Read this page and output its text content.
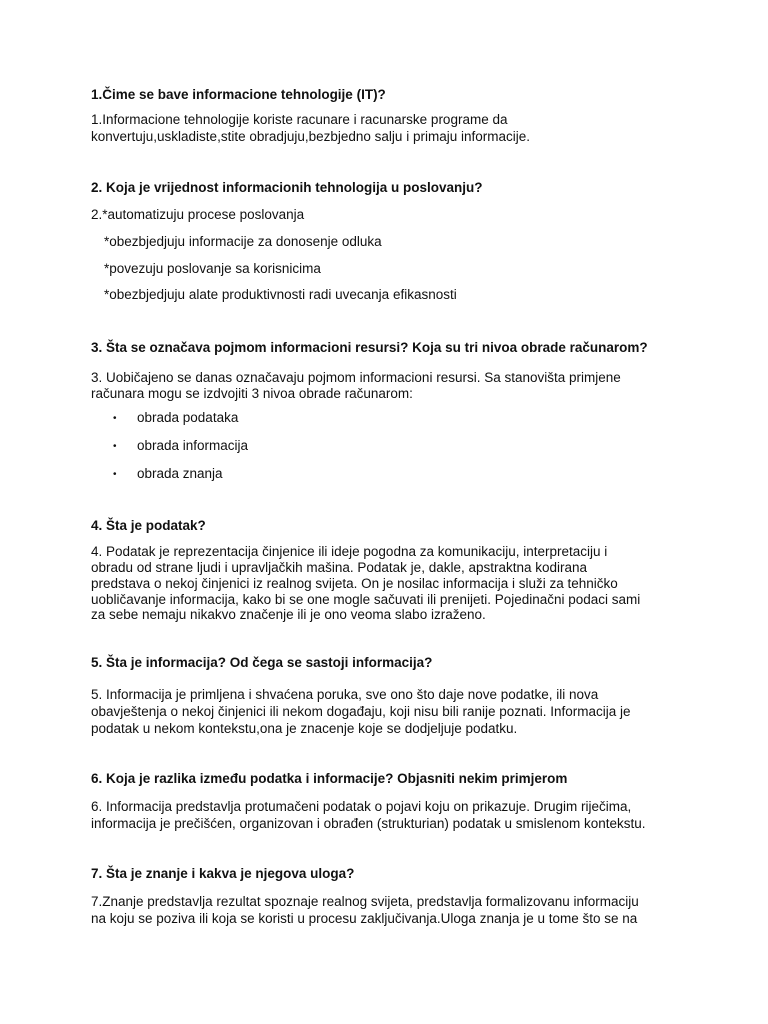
1.Čime se bave informacione tehnologije (IT)?
1.Informacione tehnologije koriste racunare i racunarske programe da
konvertuju,uskladiste,stite obradjuju,bezbjedno salju i primaju informacije.
2. Koja je vrijednost informacionih tehnologija u poslovanju?
2.*automatizuju procese poslovanja
*obezbjedjuju informacije za donosenje odluka
*povezuju poslovanje sa korisnicima
*obezbjedjuju alate produktivnosti radi uvecanja efikasnosti
3. Šta se označava pojmom informacioni resursi? Koja su tri nivoa obrade računarom?
3. Uobičajeno se danas označavaju pojmom informacioni resursi. Sa stanovišta primjene
računara mogu se izdvojiti 3 nivoa obrade računarom:
• obrada podataka
• obrada informacija
• obrada znanja
4. Šta je podatak?
4. Podatak je reprezentacija činjenice ili ideje pogodna za komunikaciju, interpretaciju i
obradu od strane ljudi i upravljačkih mašina. Podatak je, dakle, apstraktna kodirana
predstava o nekoj činjenici iz realnog svijeta. On je nosilac informacija i služi za tehničko
uobličavanje informacija, kako bi se one mogle sačuvati ili prenijeti. Pojedinačni podaci sami
za sebe nemaju nikakvo značenje ili je ono veoma slabo izraženo.
5. Šta je informacija? Od čega se sastoji informacija?
5. Informacija je primljena i shvaćena poruka, sve ono što daje nove podatke, ili nova
obavještenja o nekoj činjenici ili nekom događaju, koji nisu bili ranije poznati. Informacija je
podatak u nekom kontekstu,ona je znacenje koje se dodjeljuje podatku.
6. Koja je razlika između podatka i informacije? Objasniti nekim primjerom
6. Informacija predstavlja protumačeni podatak o pojavi koju on prikazuje. Drugim riječima,
informacija je prečišćen, organizovan i obrađen (strukturian) podatak u smislenom kontekstu.
7. Šta je znanje i kakva je njegova uloga?
7.Znanje predstavlja rezultat spoznaje realnog svijeta, predstavlja formalizovanu informaciju
na koju se poziva ili koja se koristi u procesu zaključivanja.Uloga znanja je u tome što se na
